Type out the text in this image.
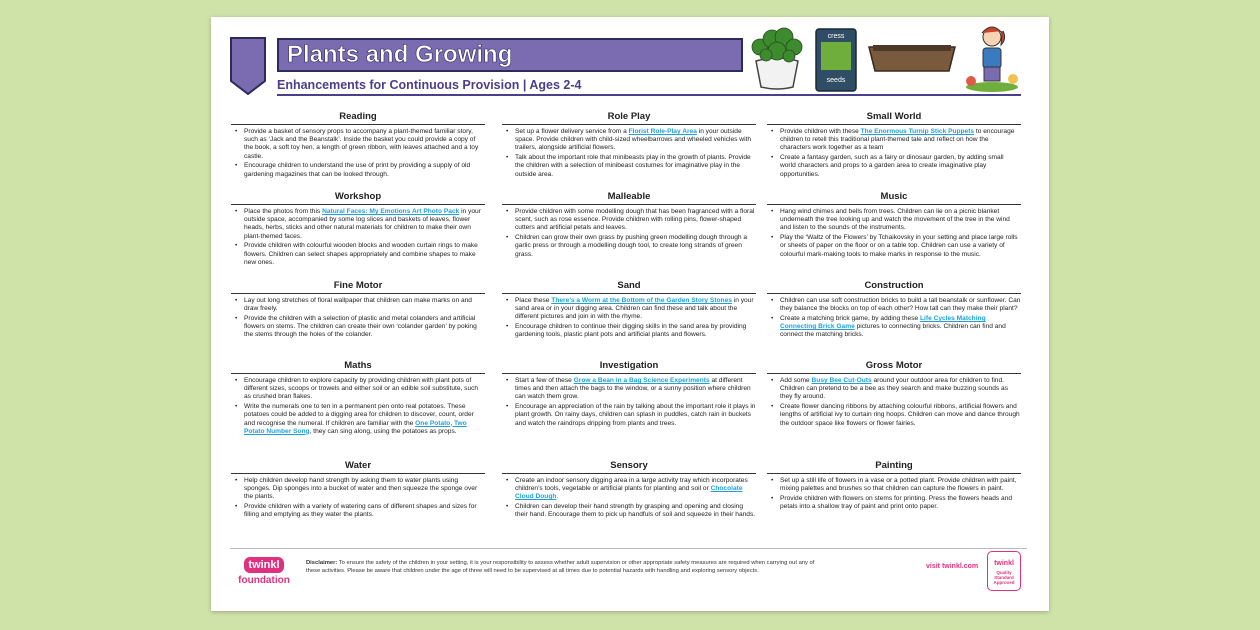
Plants and Growing
Enhancements for Continuous Provision | Ages 2-4
cress
seeds
Reading
• Provide a basket of sensory props to accompany a plant-themed familiar story, such as ‘Jack and the Beanstalk’. Inside the basket you could provide a copy of the book, a soft toy hen, a length of green ribbon, with leaves attached and a toy castle.
• Encourage children to understand the use of print by providing a supply of old gardening magazines that can be looked through.
Workshop
• Place the photos from this Natural Faces: My Emotions Art Photo Pack in your outside space, accompanied by some log slices and baskets of leaves, flower heads, herbs, sticks and other natural materials for children to make their own plant-themed faces.
• Provide children with colourful wooden blocks and wooden curtain rings to make flowers. Children can select shapes appropriately and combine shapes to make new ones.
Fine Motor
• Lay out long stretches of floral wallpaper that children can make marks on and draw freely.
• Provide the children with a selection of plastic and metal colanders and artificial flowers on stems. The children can create their own ‘colander garden’ by poking the stems through the holes of the colander.
Maths
• Encourage children to explore capacity by providing children with plant pots of different sizes, scoops or trowels and either soil or an edible soil substitute, such as crushed bran flakes.
• Write the numerals one to ten in a permanent pen onto real potatoes. These potatoes could be added to a digging area for children to discover, count, order and recognise the numeral. If children are familiar with the One Potato, Two Potato Number Song, they can sing along, using the potatoes as props.
Water
• Help children develop hand strength by asking them to water plants using sponges. Dip sponges into a bucket of water and then squeeze the sponge over the plants.
• Provide children with a variety of watering cans of different shapes and sizes for filling and emptying as they water the plants.
Role Play
• Set up a flower delivery service from a Florist Role-Play Area in your outside space. Provide children with child-sized wheelbarrows and wheeled vehicles with trailers, alongside artificial flowers.
• Talk about the important role that minibeasts play in the growth of plants. Provide the children with a selection of minibeast costumes for imaginative play in the outside area.
Malleable
• Provide children with some modelling dough that has been fragranced with a floral scent, such as rose essence. Provide children with rolling pins, flower-shaped cutters and artificial petals and leaves.
• Children can grow their own grass by pushing green modelling dough through a garlic press or through a modelling dough tool, to create long strands of green grass.
Sand
• Place these There’s a Worm at the Bottom of the Garden Story Stones in your sand area or in your digging area. Children can find these and talk about the different pictures and join in with the rhyme.
• Encourage children to continue their digging skills in the sand area by providing gardening tools, plastic plant pots and artificial plants and flowers.
Investigation
• Start a few of these Grow a Bean in a Bag Science Experiments at different times and then attach the bags to the window, or a sunny position where children can watch them grow.
• Encourage an appreciation of the rain by talking about the important role it plays in plant growth. On rainy days, children can splash in puddles, catch rain in buckets and watch the raindrops dripping from plants and trees.
Sensory
• Create an indoor sensory digging area in a large activity tray which incorporates children’s tools, vegetable or artificial plants for planting and soil or Chocolate Cloud Dough.
• Children can develop their hand strength by grasping and opening and closing their hand. Encourage them to pick up handfuls of soil and squeeze in their hands.
Small World
• Provide children with these The Enormous Turnip Stick Puppets to encourage children to retell this traditional plant-themed tale and reflect on how the characters work together as a team
• Create a fantasy garden, such as a fairy or dinosaur garden, by adding small world characters and props to a garden area to create imaginative play opportunities.
Music
• Hang wind chimes and bells from trees. Children can lie on a picnic blanket underneath the tree looking up and watch the movement of the tree in the wind and listen to the sounds of the instruments.
• Play the ‘Waltz of the Flowers’ by Tchaikovsky in your setting and place large rolls or sheets of paper on the floor or on a table top. Children can use a variety of colourful mark-making tools to make marks in response to the music.
Construction
• Children can use soft construction bricks to build a tall beanstalk or sunflower. Can they balance the blocks on top of each other? How tall can they make their plant?
• Create a matching brick game, by adding these Life Cycles Matching Connecting Brick Game pictures to connecting bricks. Children can find and connect the matching bricks.
Gross Motor
• Add some Busy Bee Cut-Outs around your outdoor area for children to find. Children can pretend to be a bee as they search and make buzzing sounds as they fly around.
• Create flower dancing ribbons by attaching colourful ribbons, artificial flowers and lengths of artificial ivy to curtain ring hoops. Children can move and dance through the outdoor space like flowers or flower fairies.
Painting
• Set up a still life of flowers in a vase or a potted plant. Provide children with paint, mixing palettes and brushes so that children can capture the flowers in paint.
• Provide children with flowers on stems for printing. Press the flowers heads and petals into a shallow tray of paint and print onto paper.
twinkl
foundation
Disclaimer: To ensure the safety of the children in your setting, it is your responsibility to assess whether adult supervision or other appropriate safety measures are required when carrying out any of these activities. Please be aware that children under the age of three will need to be supervised at all times due to potential hazards with handling and exploring sensory objects.
visit twinkl.com	twinkl
Quality Standard Approved
